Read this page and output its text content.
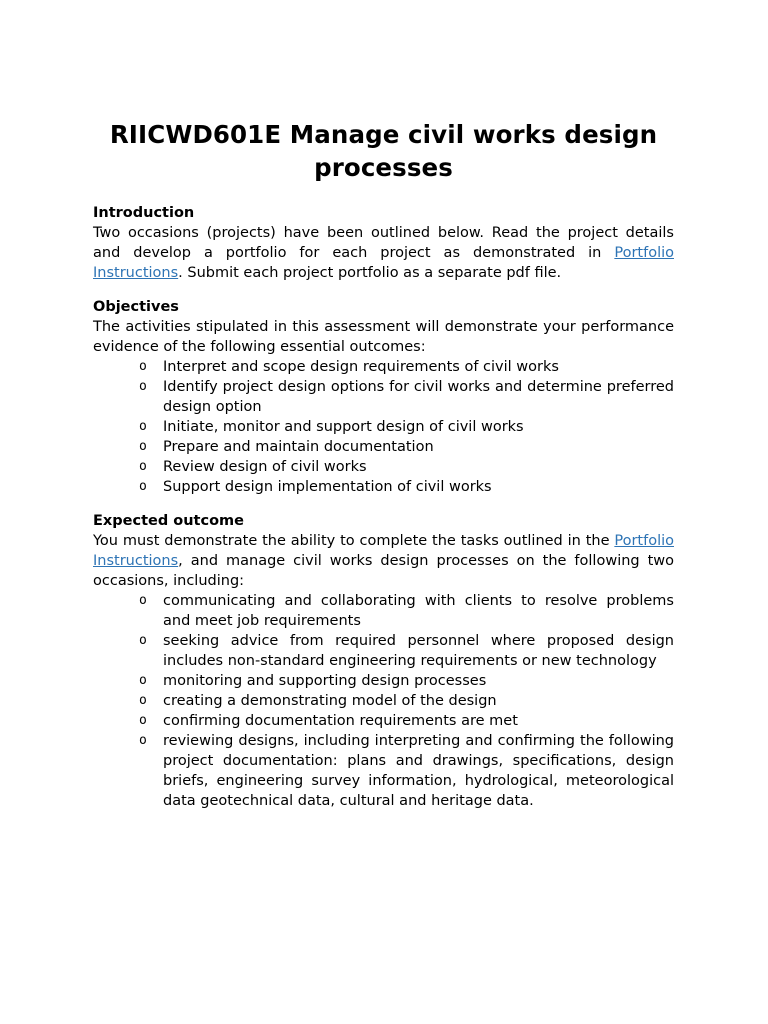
RIICWD601E Manage civil works design processes

Introduction

Two occasions (projects) have been outlined below. Read the project details and develop a portfolio for each project as demonstrated in Portfolio Instructions. Submit each project portfolio as a separate pdf file.

Objectives

The activities stipulated in this assessment will demonstrate your performance evidence of the following essential outcomes:

o Interpret and scope design requirements of civil works
o Identify project design options for civil works and determine preferred design option
o Initiate, monitor and support design of civil works
o Prepare and maintain documentation
o Review design of civil works
o Support design implementation of civil works

Expected outcome

You must demonstrate the ability to complete the tasks outlined in the Portfolio Instructions, and manage civil works design processes on the following two occasions, including:

o communicating and collaborating with clients to resolve problems and meet job requirements
o seeking advice from required personnel where proposed design includes non-standard engineering requirements or new technology
o monitoring and supporting design processes
o creating a demonstrating model of the design
o confirming documentation requirements are met
o reviewing designs, including interpreting and confirming the following project documentation: plans and drawings, specifications, design briefs, engineering survey information, hydrological, meteorological data geotechnical data, cultural and heritage data.
